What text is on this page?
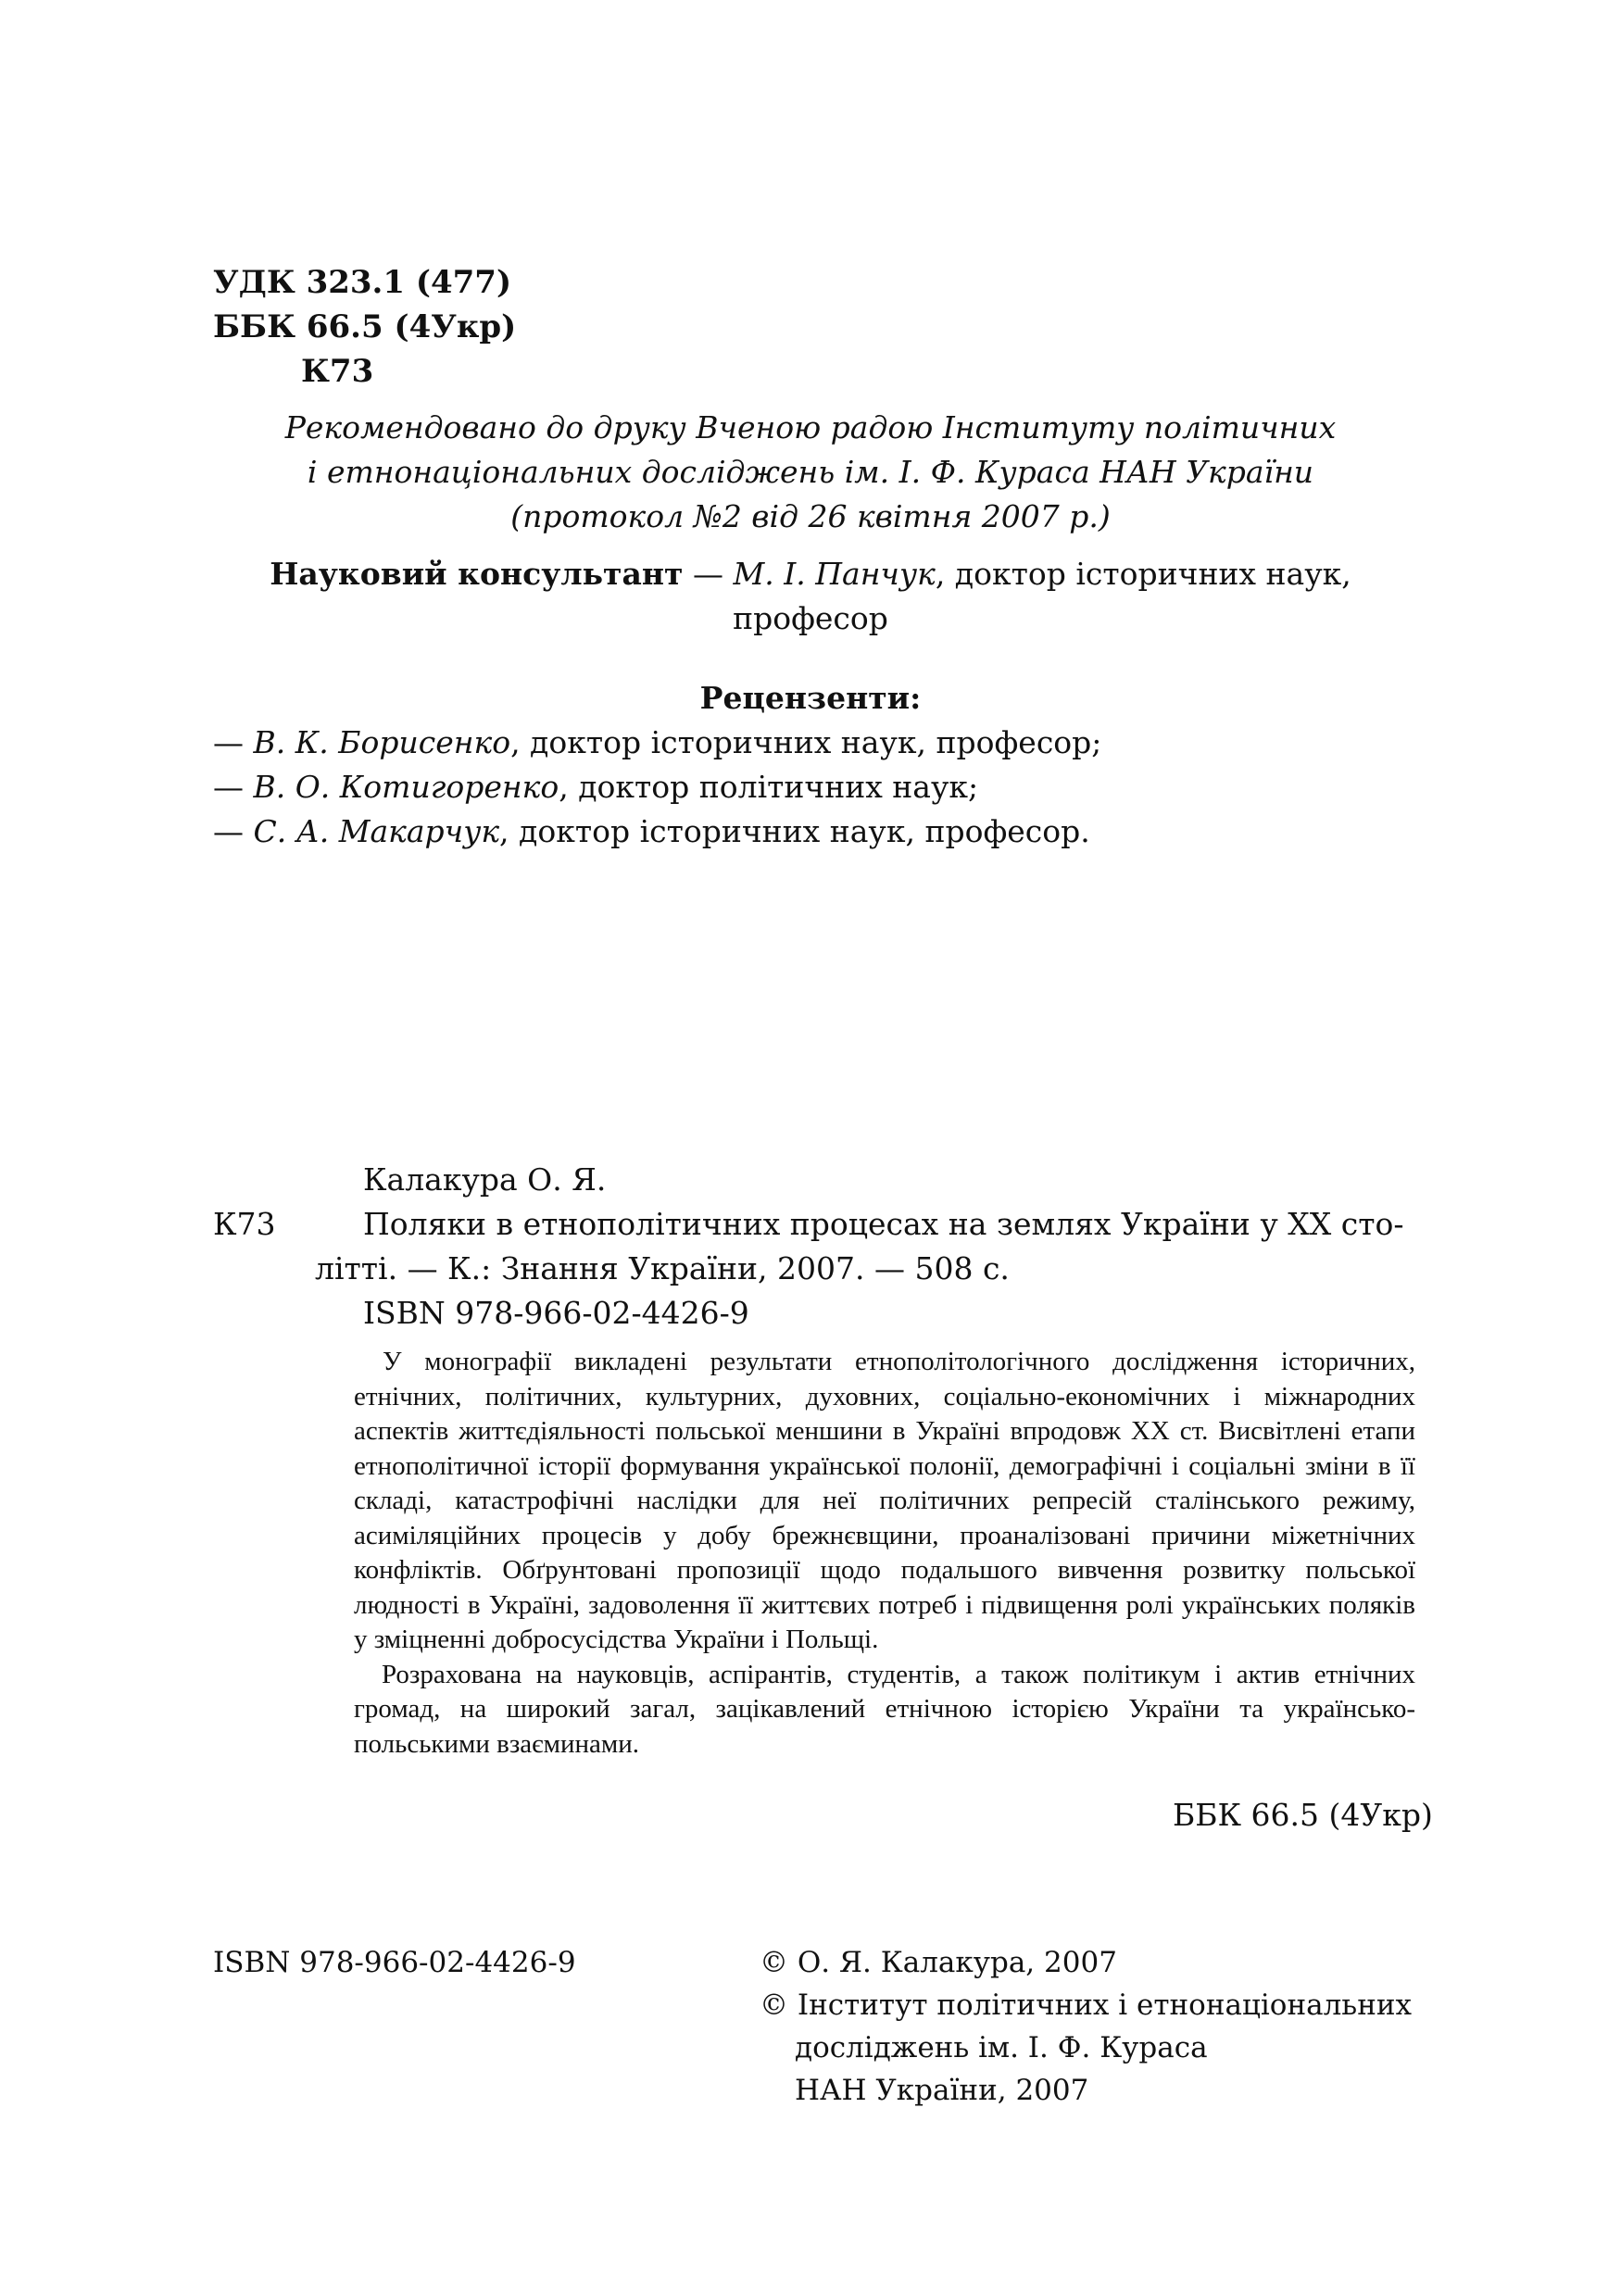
УДК 323.1 (477)
ББК 66.5 (4Укр)
К73
Рекомендовано до друку Вченою радою Інституту політичних
і етнонаціональних досліджень ім. І. Ф. Кураса НАН України
(протокол №2 від 26 квітня 2007 р.)
Науковий консультант — М. І. Панчук, доктор історичних наук,
професор
Рецензенти:
— В. К. Борисенко, доктор історичних наук, професор;
— В. О. Котигоренко, доктор політичних наук;
— С. А. Макарчук, доктор історичних наук, професор.
Калакура О. Я.
К73	Поляки в етнополітичних процесах на землях України у ХХ сто-
літті. — К.: Знання України, 2007. — 508 с.
ISBN 978-966-02-4426-9

У монографії викладені результати етнополітологічного дослідження історичних, етнічних, політичних, культурних, духовних, соціально-економічних і міжнародних аспектів життєдіяльності польської меншини в Україні впродовж ХХ ст. Висвітлені етапи етнополітичної історії формування української полонії, демографічні і соціальні зміни в її складі, катастрофічні наслідки для неї політичних репресій сталінського режиму, асиміляційних процесів у добу брежнєвщини, проаналізовані причини міжетнічних конфліктів. Обґрунтовані пропозиції щодо подальшого вивчення розвитку польської людності в Україні, задоволення її життєвих потреб і підвищення ролі українських поляків у зміцненні добросусідства України і Польщі.

Розрахована на науковців, аспірантів, студентів, а також політикум і актив етнічних громад, на широкий загал, зацікавлений етнічною історією України та українсько-польськими взаєминами.

ББК 66.5 (4Укр)
ISBN 978-966-02-4426-9	© О. Я. Калакура, 2007
© Інститут політичних і етнонаціональних
досліджень ім. І. Ф. Кураса
НАН України, 2007
